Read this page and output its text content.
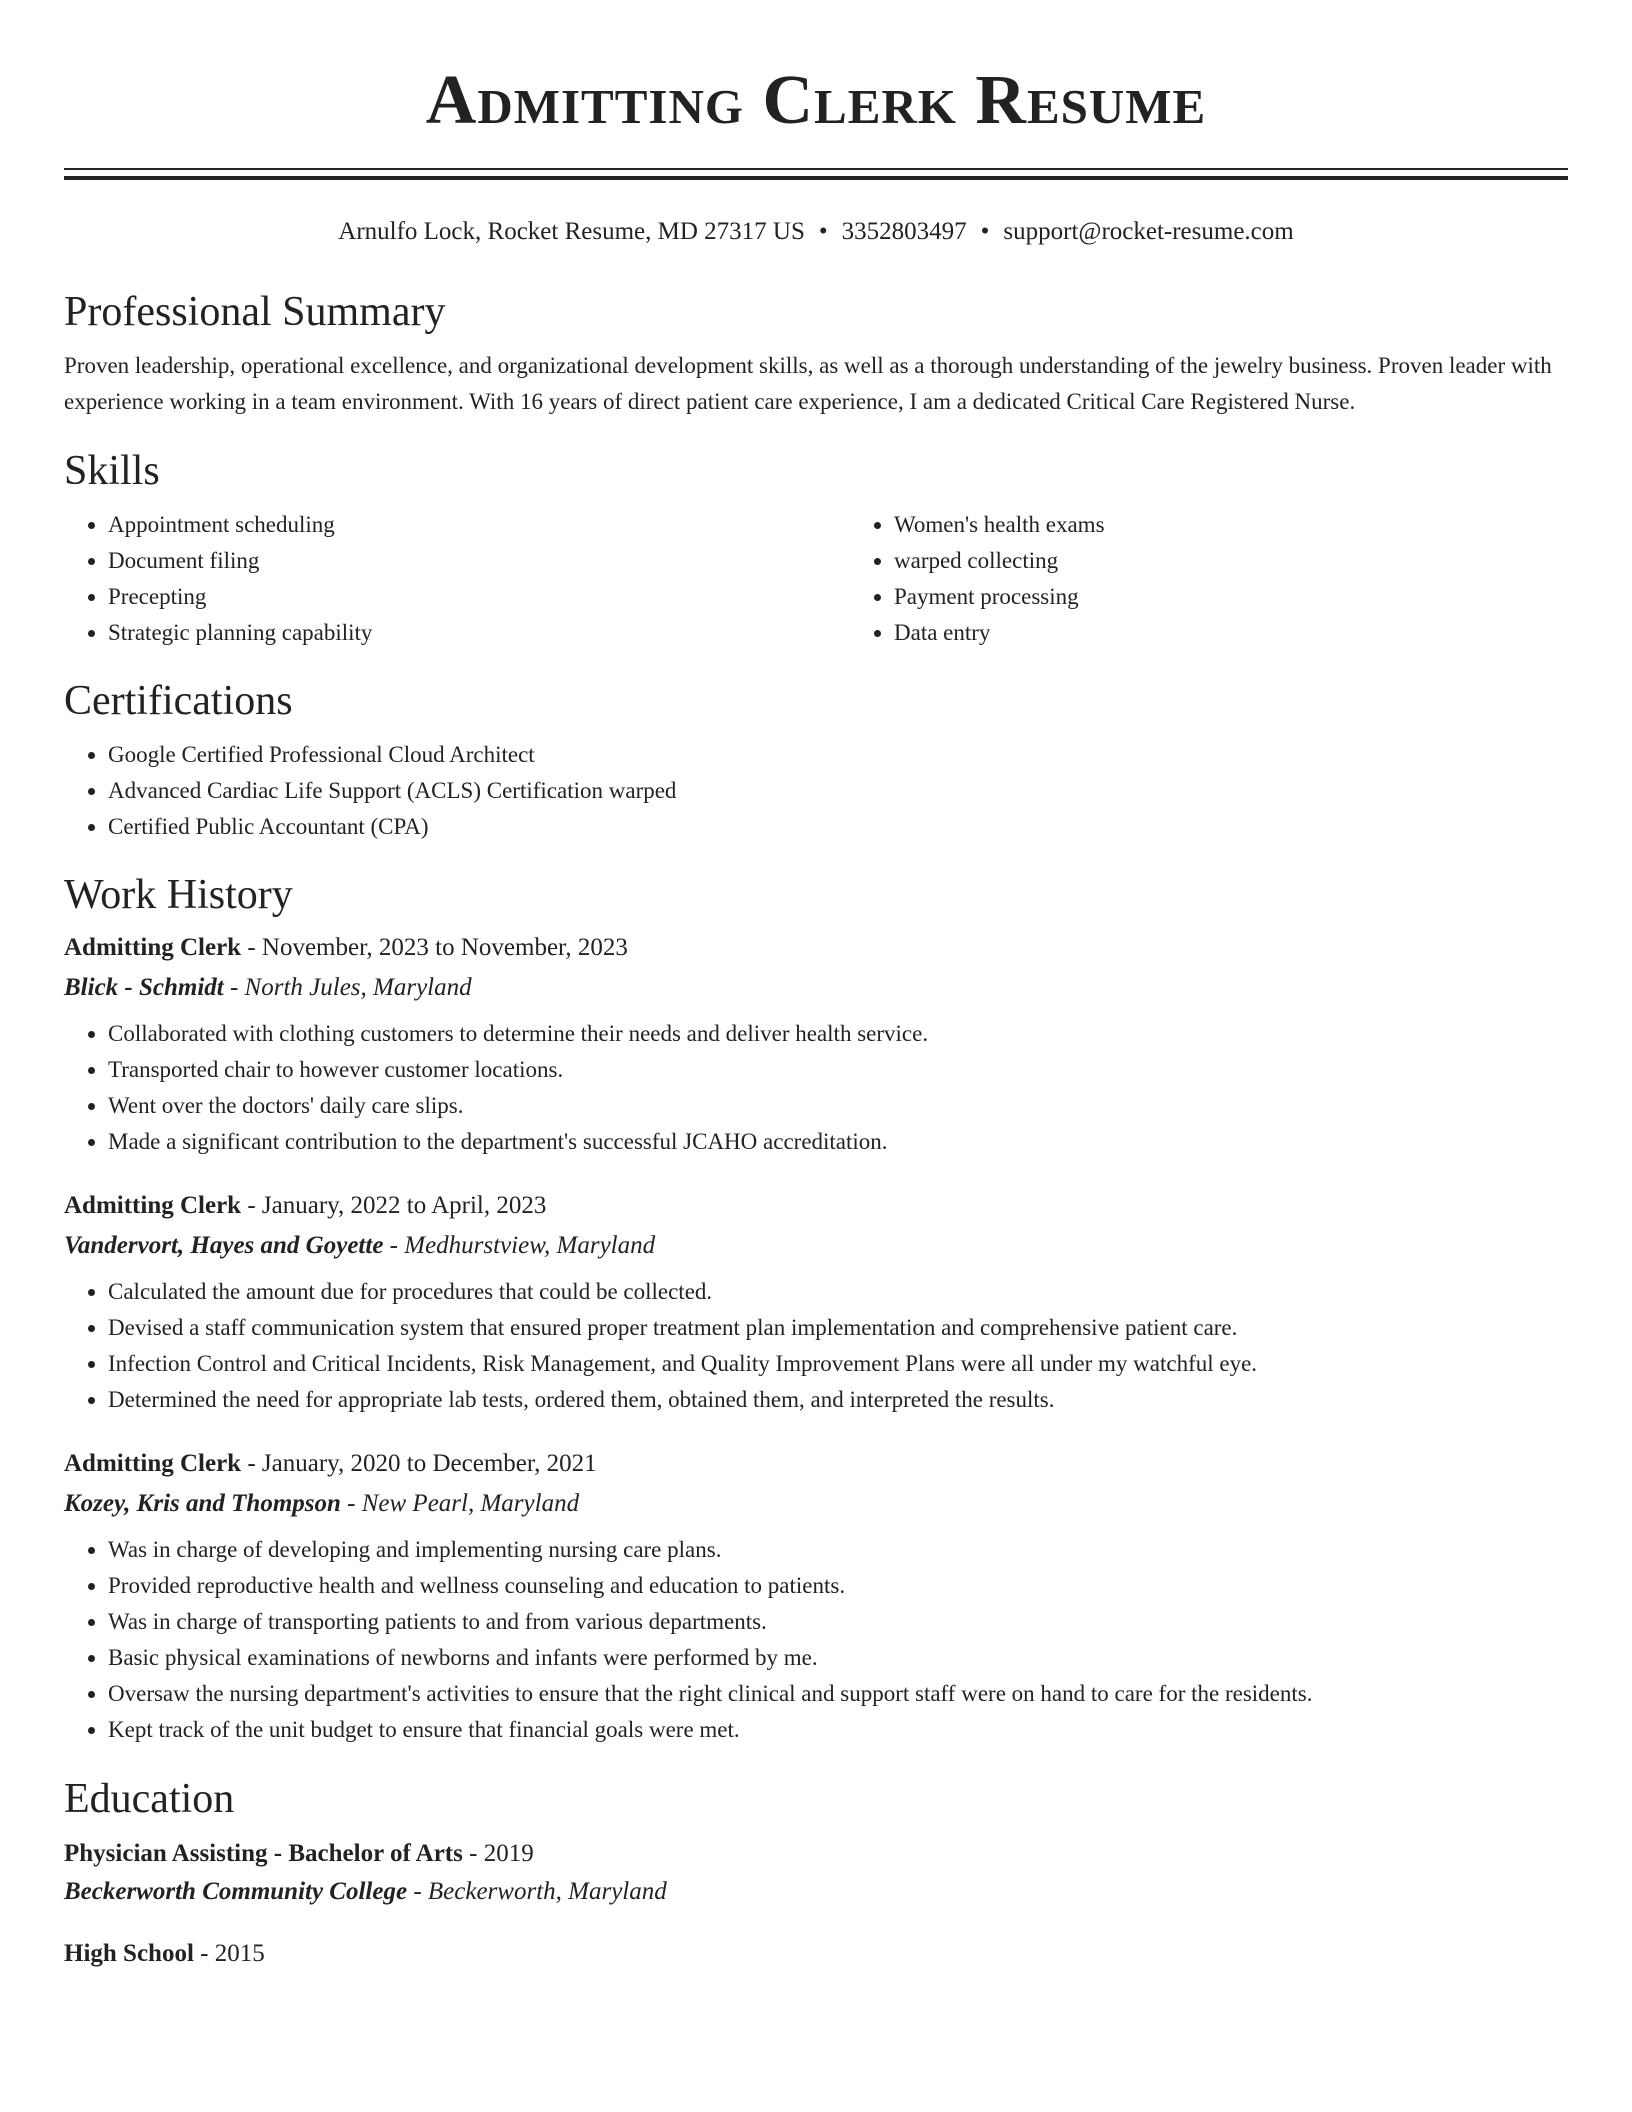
Admitting Clerk Resume
Arnulfo Lock, Rocket Resume, MD 27317 US • 3352803497 • support@rocket-resume.com
Professional Summary

Proven leadership, operational excellence, and organizational development skills, as well as a thorough understanding of the jewelry business. Proven leader with experience working in a team environment. With 16 years of direct patient care experience, I am a dedicated Critical Care Registered Nurse.

Skills
• Appointment scheduling
• Document filing
• Precepting
• Strategic planning capability
• Women's health exams
• warped collecting
• Payment processing
• Data entry
Certifications
• Google Certified Professional Cloud Architect
• Advanced Cardiac Life Support (ACLS) Certification warped
• Certified Public Accountant (CPA)
Work History
Admitting Clerk - November, 2023 to November, 2023
Blick - Schmidt - North Jules, Maryland
• Collaborated with clothing customers to determine their needs and deliver health service.
• Transported chair to however customer locations.
• Went over the doctors' daily care slips.
• Made a significant contribution to the department's successful JCAHO accreditation.
Admitting Clerk - January, 2022 to April, 2023
Vandervort, Hayes and Goyette - Medhurstview, Maryland
• Calculated the amount due for procedures that could be collected.
• Devised a staff communication system that ensured proper treatment plan implementation and comprehensive patient care.
• Infection Control and Critical Incidents, Risk Management, and Quality Improvement Plans were all under my watchful eye.
• Determined the need for appropriate lab tests, ordered them, obtained them, and interpreted the results.
Admitting Clerk - January, 2020 to December, 2021
Kozey, Kris and Thompson - New Pearl, Maryland
• Was in charge of developing and implementing nursing care plans.
• Provided reproductive health and wellness counseling and education to patients.
• Was in charge of transporting patients to and from various departments.
• Basic physical examinations of newborns and infants were performed by me.
• Oversaw the nursing department's activities to ensure that the right clinical and support staff were on hand to care for the residents.
• Kept track of the unit budget to ensure that financial goals were met.
Education
Physician Assisting - Bachelor of Arts - 2019
Beckerworth Community College - Beckerworth, Maryland
High School - 2015
